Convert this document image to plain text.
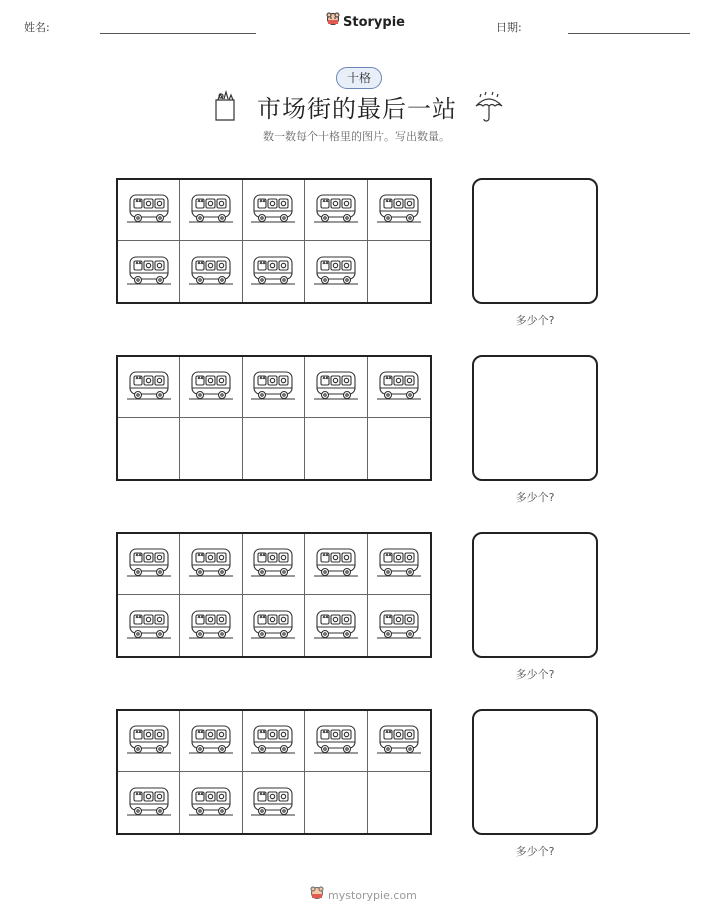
姓名:	Storypie	日期:
十格
市场街的最后一站
数一数每个十格里的图片。写出数量。
多少个?
多少个?
多少个?
多少个?
mystorypie.com
